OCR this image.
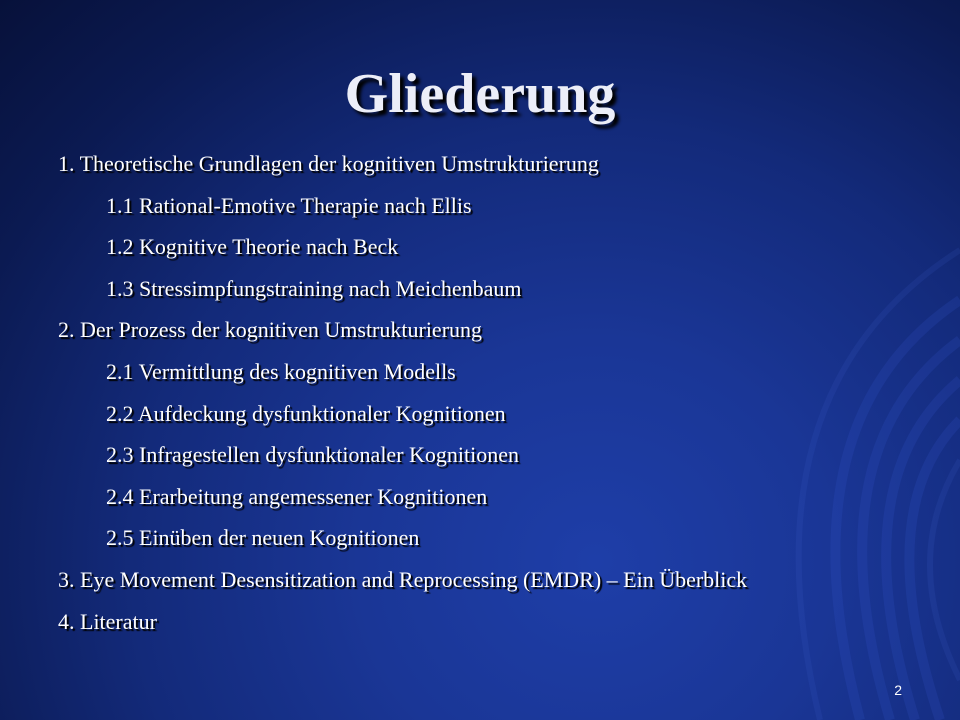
Gliederung
1. Theoretische Grundlagen der kognitiven Umstrukturierung
1.1 Rational-Emotive Therapie nach Ellis
1.2 Kognitive Theorie nach Beck
1.3 Stressimpfungstraining nach Meichenbaum
2. Der Prozess der kognitiven Umstrukturierung
2.1 Vermittlung des kognitiven Modells
2.2 Aufdeckung dysfunktionaler Kognitionen
2.3 Infragestellen dysfunktionaler Kognitionen
2.4 Erarbeitung angemessener Kognitionen
2.5 Einüben der neuen Kognitionen
3. Eye Movement Desensitization and Reprocessing (EMDR) – Ein Überblick
4. Literatur
2
